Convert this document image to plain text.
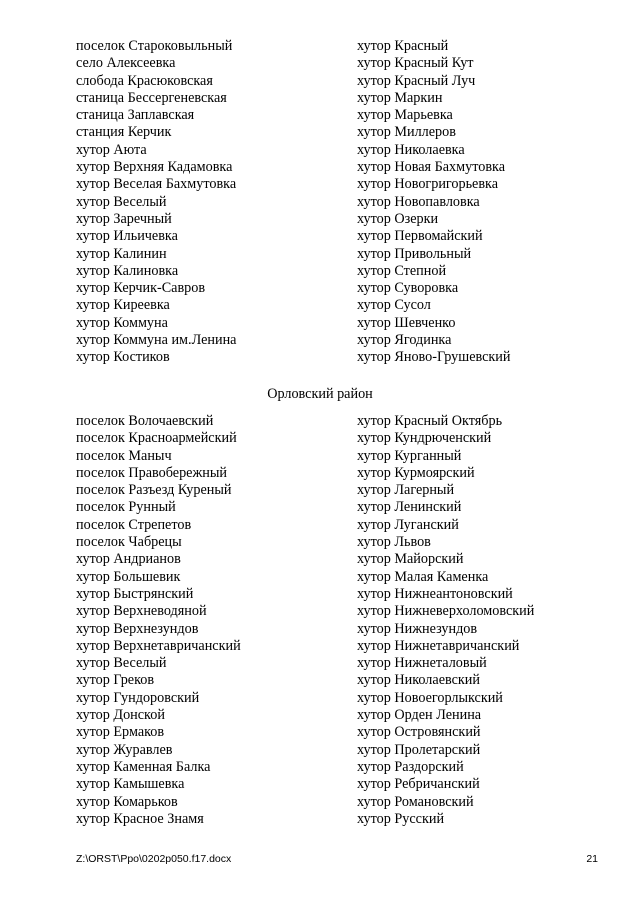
поселок Староковыльный
село Алексеевка
слобода Красюковская
станица Бессергеневская
станица Заплавская
станция Керчик
хутор Аюта
хутор Верхняя Кадамовка
хутор Веселая Бахмутовка
хутор Веселый
хутор Заречный
хутор Ильичевка
хутор Калинин
хутор Калиновка
хутор Керчик-Савров
хутор Киреевка
хутор Коммуна
хутор Коммуна им.Ленина
хутор Костиков
хутор Красный
хутор Красный Кут
хутор Красный Луч
хутор Маркин
хутор Марьевка
хутор Миллеров
хутор Николаевка
хутор Новая Бахмутовка
хутор Новогригорьевка
хутор Новопавловка
хутор Озерки
хутор Первомайский
хутор Привольный
хутор Степной
хутор Суворовка
хутор Сусол
хутор Шевченко
хутор Ягодинка
хутор Яново-Грушевский
Орловский район
поселок Волочаевский
поселок Красноармейский
поселок Маныч
поселок Правобережный
поселок Разъезд Куреный
поселок Рунный
поселок Стрепетов
поселок Чабрецы
хутор Андрианов
хутор Большевик
хутор Быстрянский
хутор Верхневодяной
хутор Верхнезундов
хутор Верхнетавричанский
хутор Веселый
хутор Греков
хутор Гундоровский
хутор Донской
хутор Ермаков
хутор Журавлев
хутор Каменная Балка
хутор Камышевка
хутор Комарьков
хутор Красное Знамя
хутор Красный Октябрь
хутор Кундрюченский
хутор Курганный
хутор Курмоярский
хутор Лагерный
хутор Ленинский
хутор Луганский
хутор Львов
хутор Майорский
хутор Малая Каменка
хутор Нижнеантоновский
хутор Нижневерхоломовский
хутор Нижнезундов
хутор Нижнетавричанский
хутор Нижнеталовый
хутор Николаевский
хутор Новоегорлыкский
хутор Орден Ленина
хутор Островянский
хутор Пролетарский
хутор Раздорский
хутор Ребричанский
хутор Романовский
хутор Русский
Z:\ORST\Ppo\0202p050.f17.docx	21
